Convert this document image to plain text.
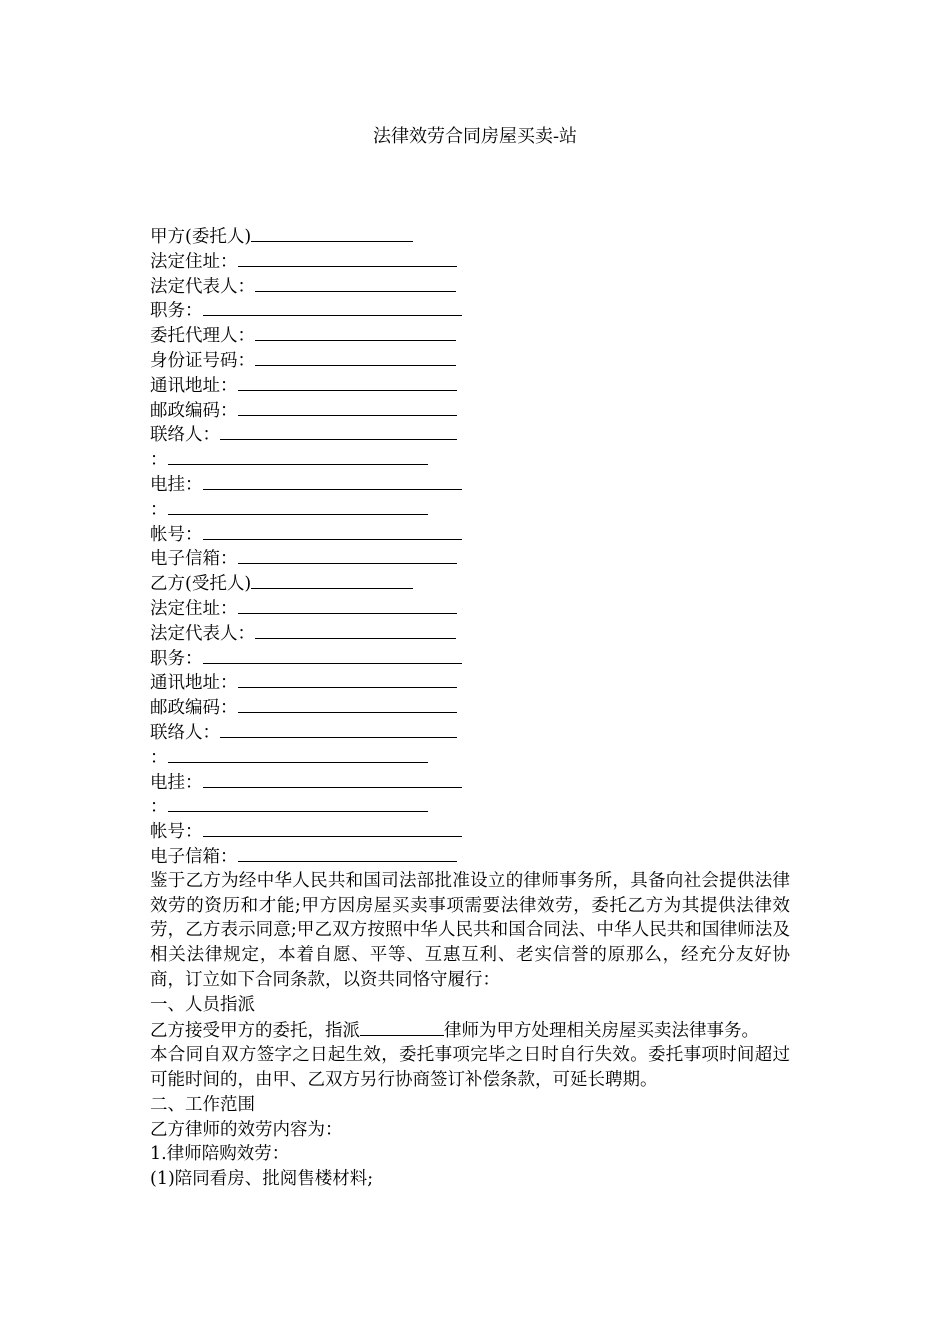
法律效劳合同房屋买卖-站
甲方(委托人)
法定住址：
法定代表人：
职务：
委托代理人：
身份证号码：
通讯地址：
邮政编码：
联络人：
：
电挂：
：
帐号：
电子信箱：
乙方(受托人)
法定住址：
法定代表人：
职务：
通讯地址：
邮政编码：
联络人：
：
电挂：
：
帐号：
电子信箱：

鉴于乙方为经中华人民共和国司法部批准设立的律师事务所，具备向社会提供法律效劳的资历和才能;甲方因房屋买卖事项需要法律效劳，委托乙方为其提供法律效劳，乙方表示同意;甲乙双方按照中华人民共和国合同法、中华人民共和国律师法及相关法律规定，本着自愿、平等、互惠互利、老实信誉的原那么，经充分友好协商，订立如下合同条款，以资共同恪守履行：

一、人员指派

乙方接受甲方的委托，指派	律师为甲方处理相关房屋买卖法律事务。

本合同自双方签字之日起生效，委托事项完毕之日时自行失效。委托事项时间超过可能时间的，由甲、乙双方另行协商签订补偿条款，可延长聘期。

二、工作范围

乙方律师的效劳内容为：

1.律师陪购效劳：

(1)陪同看房、批阅售楼材料;
